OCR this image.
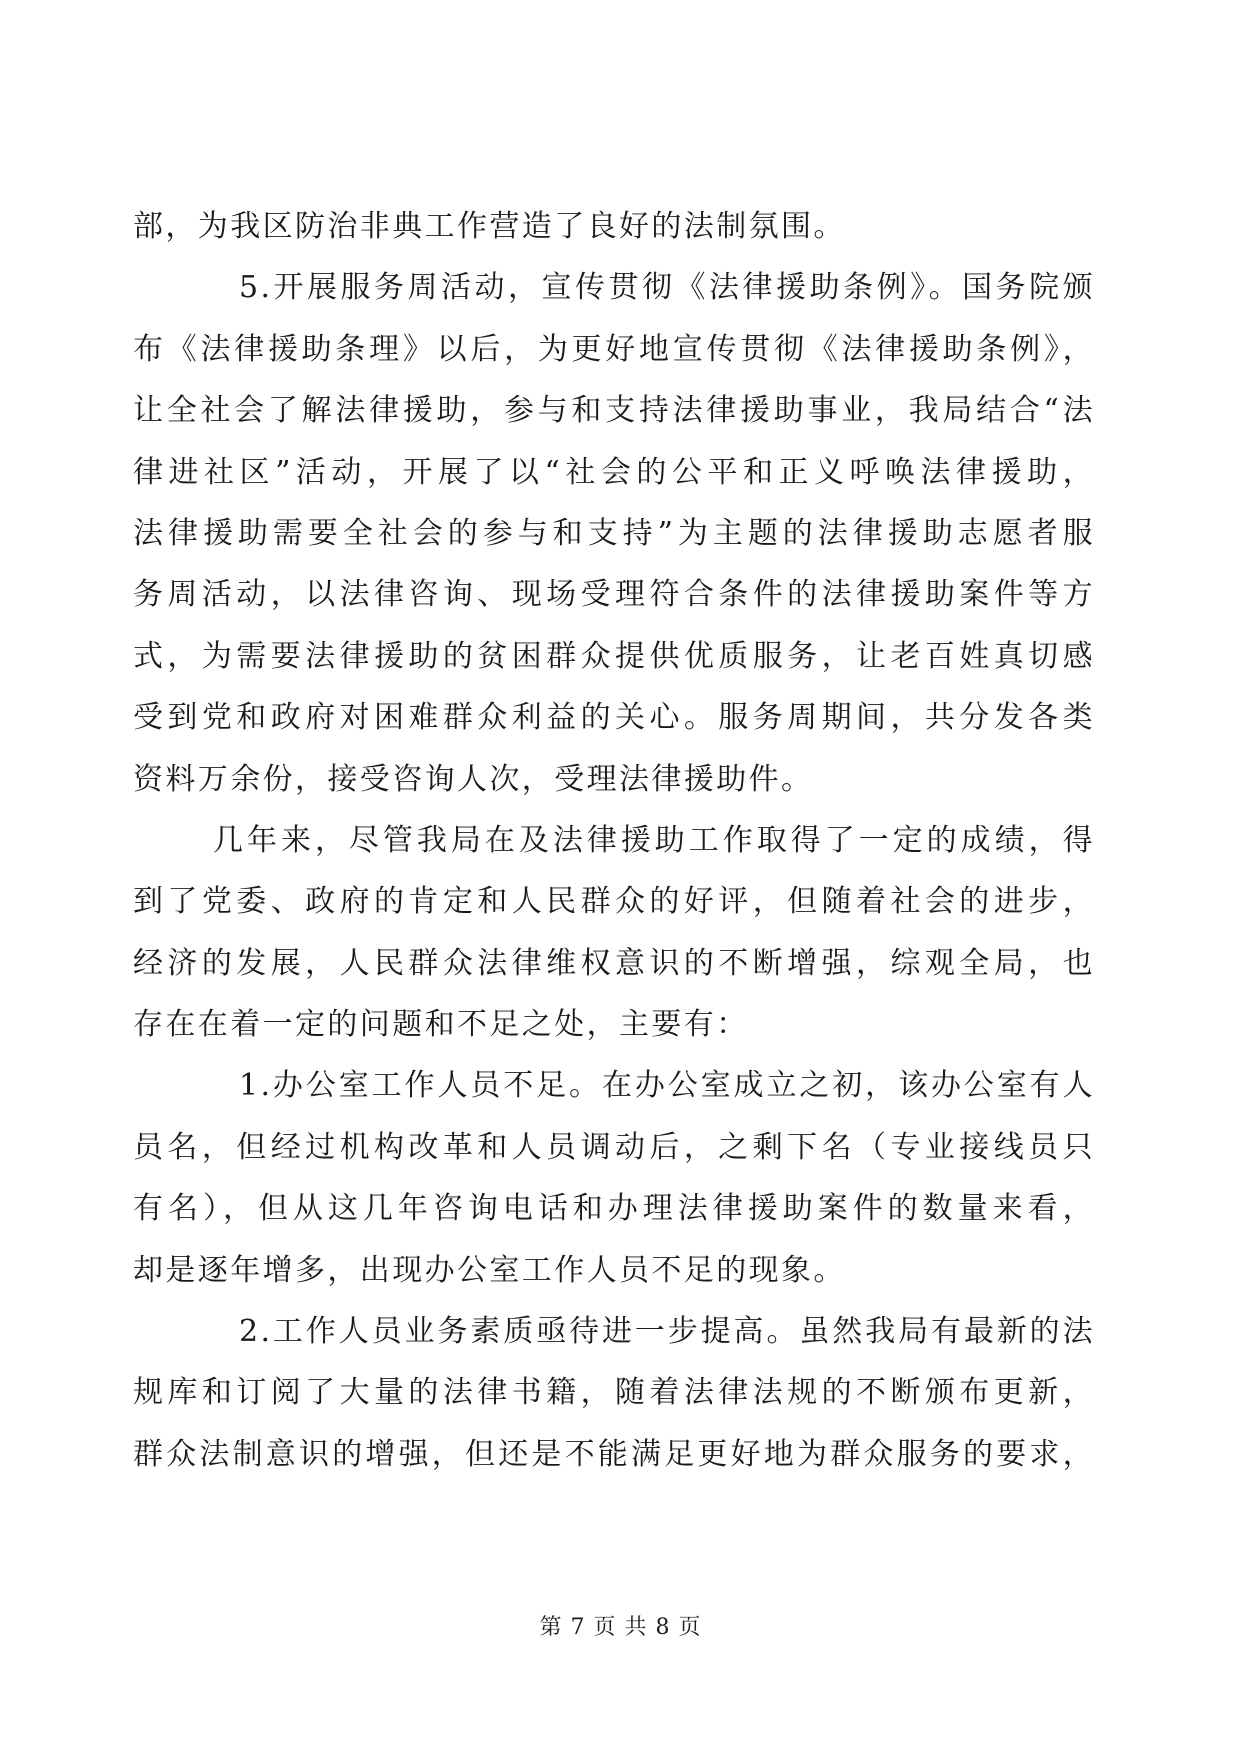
部，为我区防治非典工作营造了良好的法制氛围。
5.开展服务周活动，宣传贯彻《法律援助条例》。国务院颁
布《法律援助条理》以后，为更好地宣传贯彻《法律援助条例》，
让全社会了解法律援助，参与和支持法律援助事业，我局结合“法
律进社区”活动，开展了以“社会的公平和正义呼唤法律援助，
法律援助需要全社会的参与和支持”为主题的法律援助志愿者服
务周活动，以法律咨询、现场受理符合条件的法律援助案件等方
式，为需要法律援助的贫困群众提供优质服务，让老百姓真切感
受到党和政府对困难群众利益的关心。服务周期间，共分发各类
资料万余份，接受咨询人次，受理法律援助件。
几年来，尽管我局在及法律援助工作取得了一定的成绩，得
到了党委、政府的肯定和人民群众的好评，但随着社会的进步，
经济的发展，人民群众法律维权意识的不断增强，综观全局，也
存在在着一定的问题和不足之处，主要有：
1.办公室工作人员不足。在办公室成立之初，该办公室有人
员名，但经过机构改革和人员调动后，之剩下名（专业接线员只
有名），但从这几年咨询电话和办理法律援助案件的数量来看，
却是逐年增多，出现办公室工作人员不足的现象。
2.工作人员业务素质亟待进一步提高。虽然我局有最新的法
规库和订阅了大量的法律书籍，随着法律法规的不断颁布更新，
群众法制意识的增强，但还是不能满足更好地为群众服务的要求，
第 7 页 共 8 页
